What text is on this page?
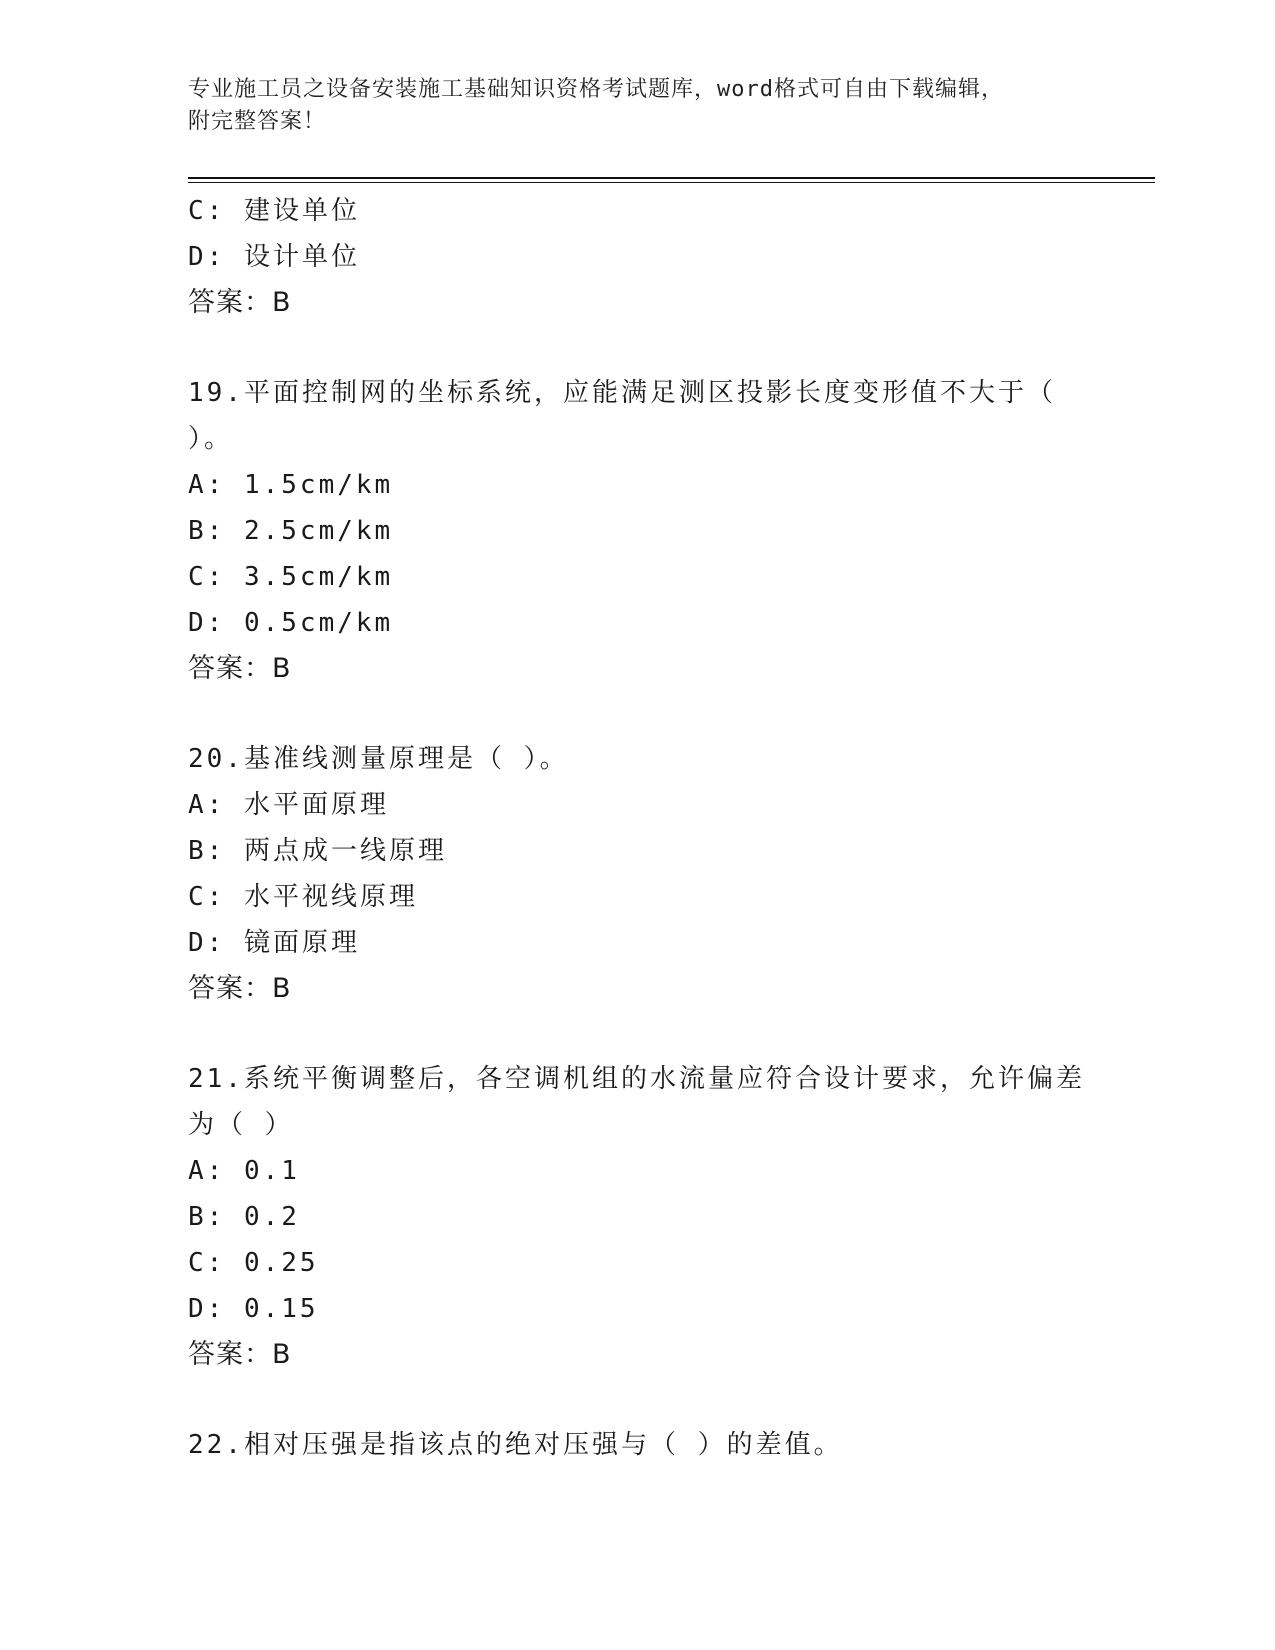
专业施工员之设备安装施工基础知识资格考试题库，word格式可自由下载编辑，
附完整答案！
C: 建设单位
D: 设计单位
答案：B
19.平面控制网的坐标系统，应能满足测区投影长度变形值不大于（
）。
A: 1.5cm/km
B: 2.5cm/km
C: 3.5cm/km
D: 0.5cm/km
答案：B
20.基准线测量原理是（ ）。
A: 水平面原理
B: 两点成一线原理
C: 水平视线原理
D: 镜面原理
答案：B
21.系统平衡调整后，各空调机组的水流量应符合设计要求，允许偏差
为（ ）
A: 0.1
B: 0.2
C: 0.25
D: 0.15
答案：B
22.相对压强是指该点的绝对压强与（ ）的差值。
